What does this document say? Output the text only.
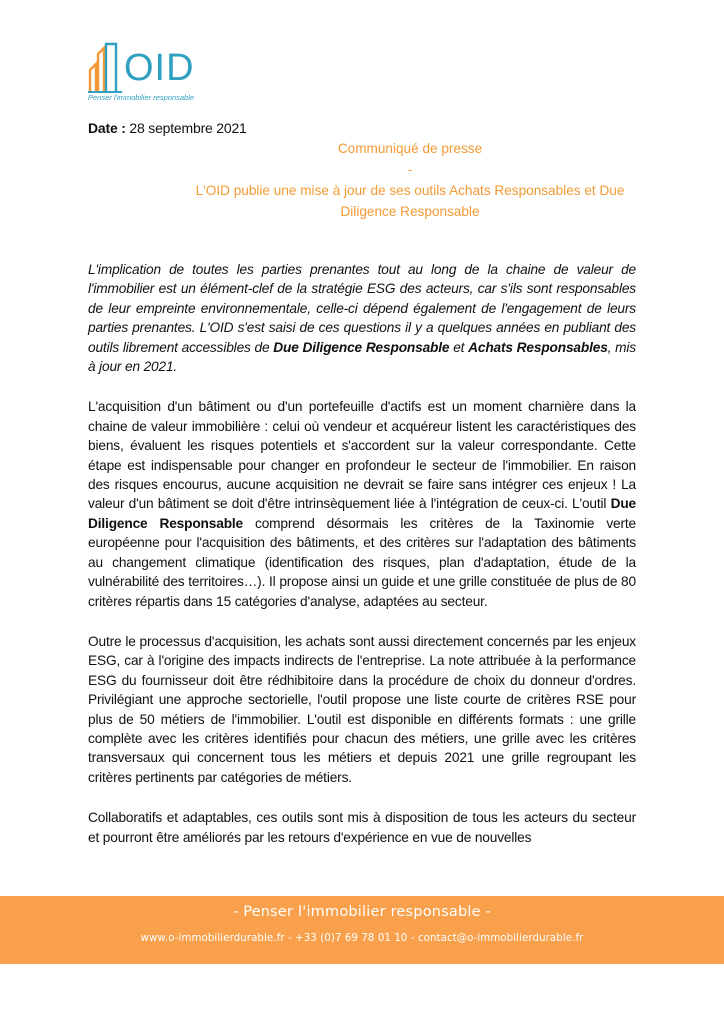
OID
Penser l'immobilier responsable
Date : 28 septembre 2021
Communiqué de presse
-
L'OID publie une mise à jour de ses outils Achats Responsables et Due Diligence Responsable

L'implication de toutes les parties prenantes tout au long de la chaine de valeur de l'immobilier est un élément-clef de la stratégie ESG des acteurs, car s'ils sont responsables de leur empreinte environnementale, celle-ci dépend également de l'engagement de leurs parties prenantes. L'OID s'est saisi de ces questions il y a quelques années en publiant des outils librement accessibles de Due Diligence Responsable et Achats Responsables, mis à jour en 2021.

L'acquisition d'un bâtiment ou d'un portefeuille d'actifs est un moment charnière dans la chaine de valeur immobilière : celui où vendeur et acquéreur listent les caractéristiques des biens, évaluent les risques potentiels et s'accordent sur la valeur correspondante. Cette étape est indispensable pour changer en profondeur le secteur de l'immobilier. En raison des risques encourus, aucune acquisition ne devrait se faire sans intégrer ces enjeux ! La valeur d'un bâtiment se doit d'être intrinsèquement liée à l'intégration de ceux-ci. L'outil Due Diligence Responsable comprend désormais les critères de la Taxinomie verte européenne pour l'acquisition des bâtiments, et des critères sur l'adaptation des bâtiments au changement climatique (identification des risques, plan d'adaptation, étude de la vulnérabilité des territoires…). Il propose ainsi un guide et une grille constituée de plus de 80 critères répartis dans 15 catégories d'analyse, adaptées au secteur.

Outre le processus d'acquisition, les achats sont aussi directement concernés par les enjeux ESG, car à l'origine des impacts indirects de l'entreprise. La note attribuée à la performance ESG du fournisseur doit être rédhibitoire dans la procédure de choix du donneur d'ordres. Privilégiant une approche sectorielle, l'outil propose une liste courte de critères RSE pour plus de 50 métiers de l'immobilier. L'outil est disponible en différents formats : une grille complète avec les critères identifiés pour chacun des métiers, une grille avec les critères transversaux qui concernent tous les métiers et depuis 2021 une grille regroupant les critères pertinents par catégories de métiers.

Collaboratifs et adaptables, ces outils sont mis à disposition de tous les acteurs du secteur et pourront être améliorés par les retours d'expérience en vue de nouvelles

- Penser l'immobilier responsable -
www.o-immobilierdurable.fr - +33 (0)7 69 78 01 10 - contact@o-immobilierdurable.fr
